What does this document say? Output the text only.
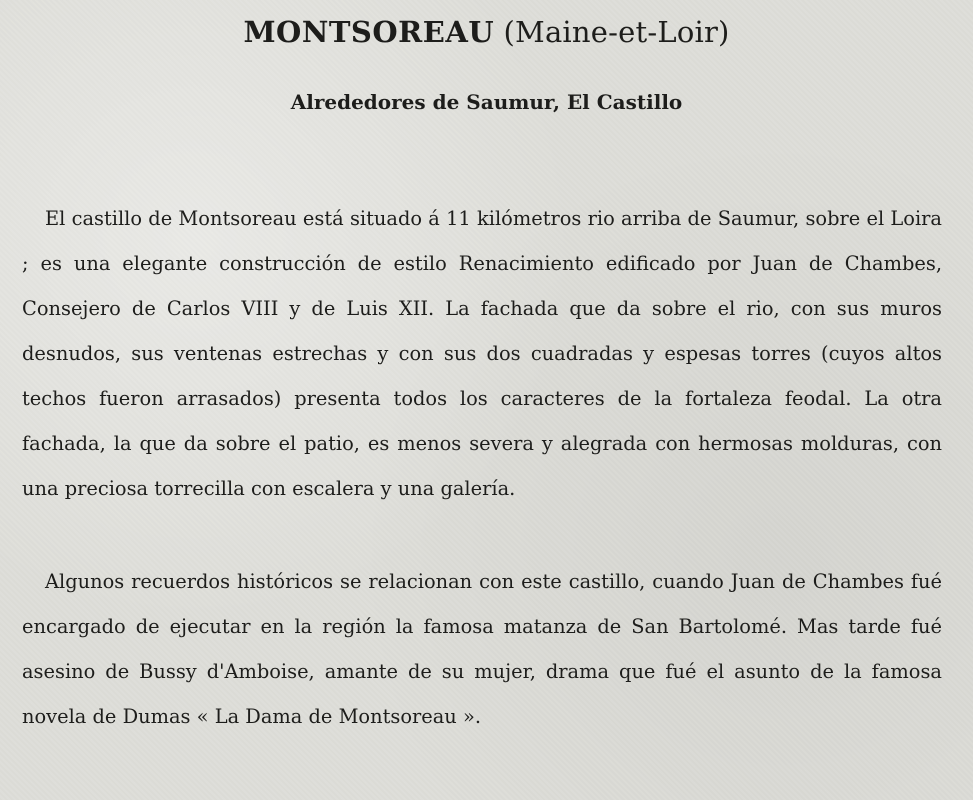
MONTSOREAU (Maine-et-Loir)
Alrededores de Saumur, El Castillo
El castillo de Montsoreau está situado á 11 kilómetros rio arriba de Saumur, sobre el Loira ; es una elegante construcción de estilo Renacimiento edificado por Juan de Chambes, Consejero de Carlos VIII y de Luis XII. La fachada que da sobre el rio, con sus muros desnudos, sus ventenas estrechas y con sus dos cuadradas y espesas torres (cuyos altos techos fueron arrasados) presenta todos los caracteres de la fortaleza feodal. La otra fachada, la que da sobre el patio, es menos severa y alegrada con hermosas molduras, con una preciosa torrecilla con escalera y una galería.
Algunos recuerdos históricos se relacionan con este castillo, cuando Juan de Chambes fué encargado de ejecutar en la región la famosa matanza de San Bartolomé. Mas tarde fué asesino de Bussy d'Amboise, amante de su mujer, drama que fué el asunto de la famosa novela de Dumas « La Dama de Montsoreau ».
